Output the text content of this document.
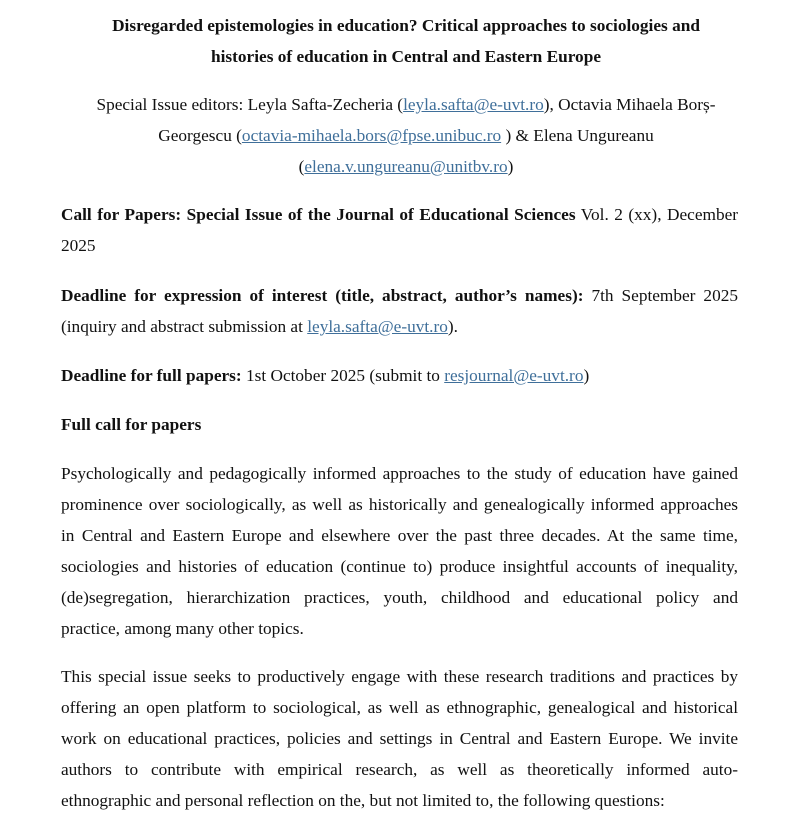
Disregarded epistemologies in education? Critical approaches to sociologies and
histories of education in Central and Eastern Europe
Special Issue editors: Leyla Safta-Zecheria (leyla.safta@e-uvt.ro), Octavia Mihaela Borș-
Georgescu (octavia-mihaela.bors@fpse.unibuc.ro ) & Elena Ungureanu
(elena.v.ungureanu@unitbv.ro)
Call for Papers: Special Issue of the Journal of Educational Sciences Vol. 2 (xx), December
2025
Deadline for expression of interest (title, abstract, author’s names): 7th September 2025
(inquiry and abstract submission at leyla.safta@e-uvt.ro).
Deadline for full papers: 1st October 2025 (submit to resjournal@e-uvt.ro)
Full call for papers
Psychologically and pedagogically informed approaches to the study of education have gained
prominence over sociologically, as well as historically and genealogically informed approaches
in Central and Eastern Europe and elsewhere over the past three decades. At the same time,
sociologies and histories of education (continue to) produce insightful accounts of inequality,
(de)segregation, hierarchization practices, youth, childhood and educational policy and
practice, among many other topics.
This special issue seeks to productively engage with these research traditions and practices by
offering an open platform to sociological, as well as ethnographic, genealogical and historical
work on educational practices, policies and settings in Central and Eastern Europe. We invite
authors to contribute with empirical research, as well as theoretically informed auto-
ethnographic and personal reflection on the, but not limited to, the following questions:
